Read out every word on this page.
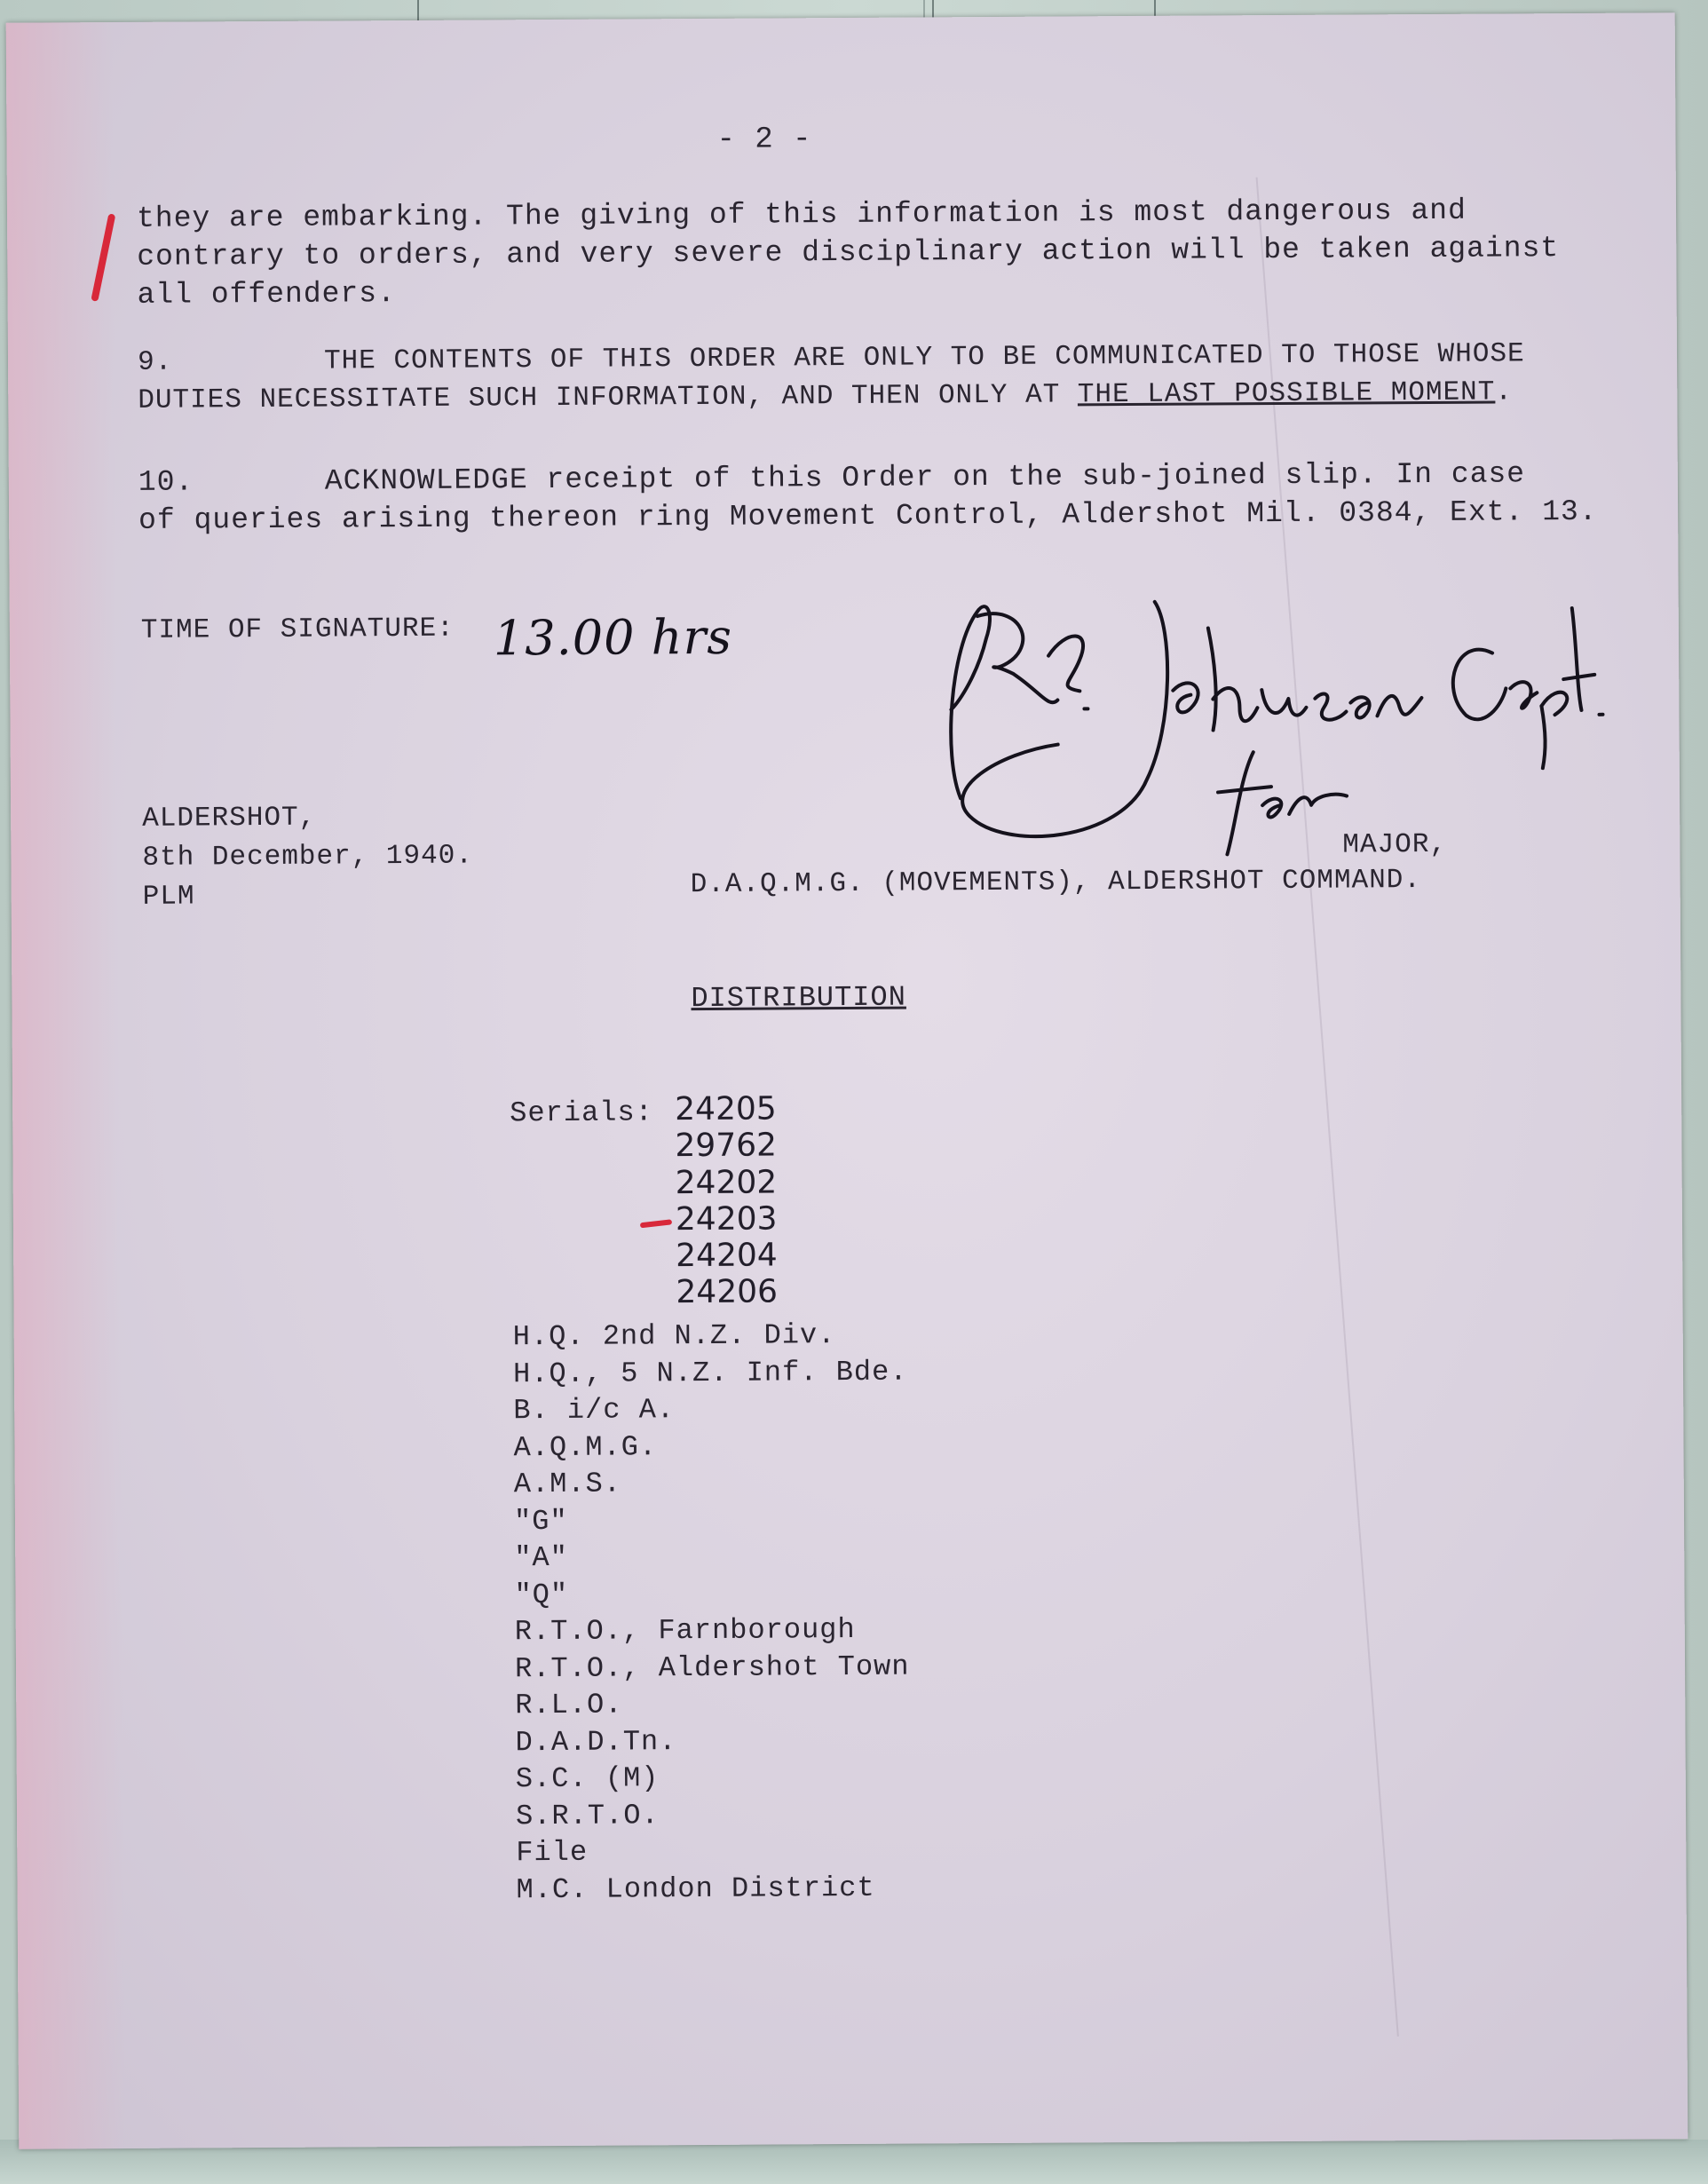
- 2 -
they are embarking. The giving of this information is most dangerous and
contrary to orders, and very severe disciplinary action will be taken against
all offenders.
9.	THE CONTENTS OF THIS ORDER ARE ONLY TO BE COMMUNICATED TO THOSE WHOSE
DUTIES NECESSITATE SUCH INFORMATION, AND THEN ONLY AT THE LAST POSSIBLE MOMENT.
10.	ACKNOWLEDGE receipt of this Order on the sub-joined slip. In case
of queries arising thereon ring Movement Control, Aldershot Mil. 0384, Ext. 13.
TIME OF SIGNATURE: 13.00 hrs
ALDERSHOT,
8th December, 1940.
PLM
MAJOR,
D.A.Q.M.G. (MOVEMENTS), ALDERSHOT COMMAND.
DISTRIBUTION
Serials: 24205
29762
24202
24203
24204
24206
H.Q. 2nd N.Z. Div.
H.Q., 5 N.Z. Inf. Bde.
B. i/c A.
A.Q.M.G.
A.M.S.
"G"
"A"
"Q"
R.T.O., Farnborough
R.T.O., Aldershot Town
R.L.O.
D.A.D.Tn.
S.C. (M)
S.R.T.O.
File
M.C. London District
